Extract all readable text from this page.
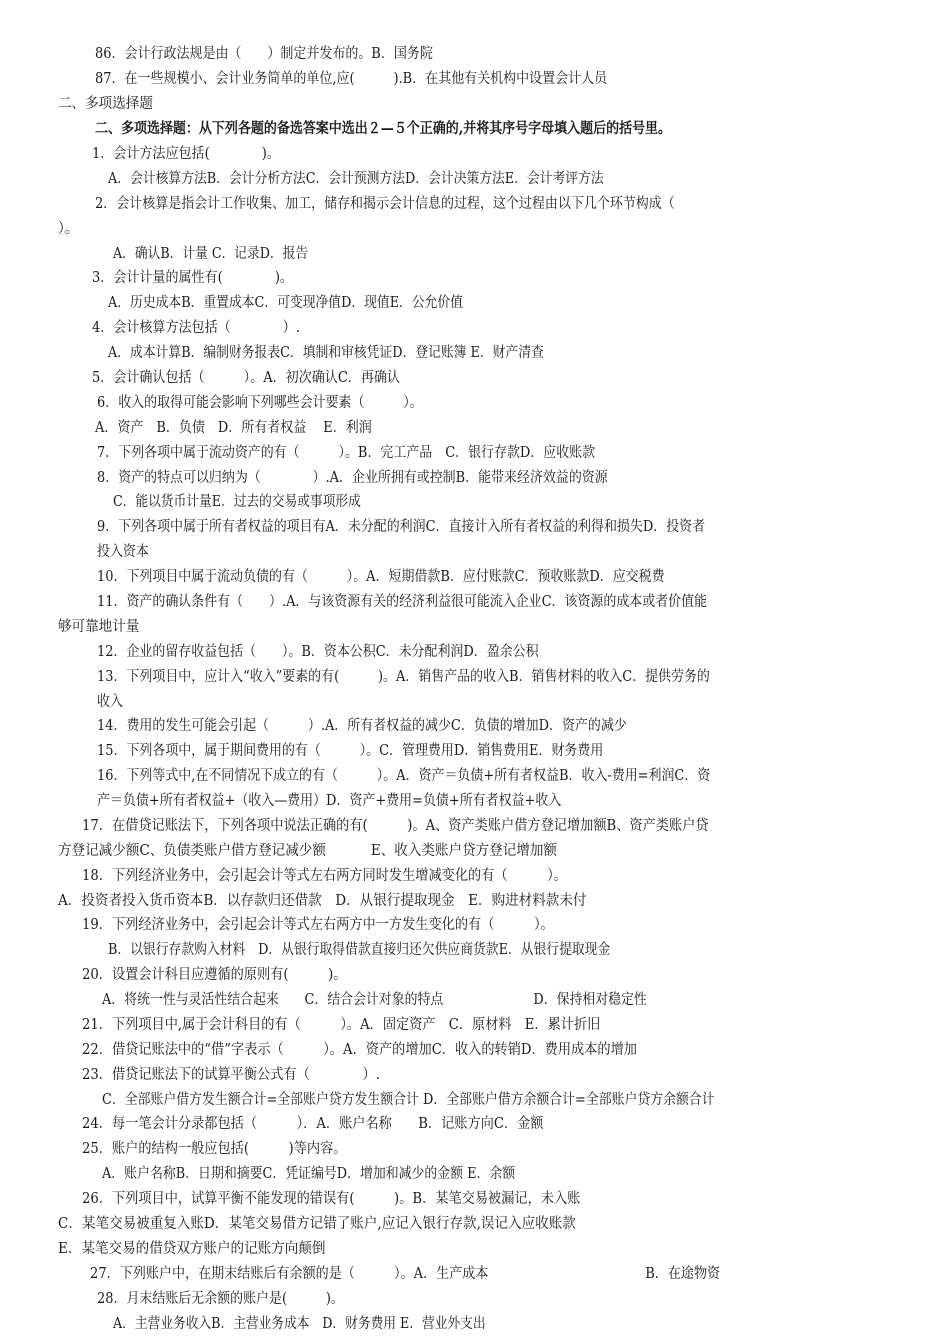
86．会计行政法规是由（　　）制定并发布的。B．国务院
87．在一些规模小、会计业务简单的单位,应(　　　).B．在其他有关机构中设置会计人员
二、多项选择题
二、多项选择题：从下列各题的备选答案中选出２—５个正确的,并将其序号字母填入题后的括号里。
1．会计方法应包括(　　　　)。
A．会计核算方法B．会计分析方法C．会计预测方法D．会计决策方法E．会计考评方法
2．会计核算是指会计工作收集、加工，储存和揭示会计信息的过程，这个过程由以下几个环节构成（
）。
A．确认B．计量 C．记录D．报告
3．会计计量的属性有(　　　　)。
A．历史成本B．重置成本C．可变现净值D．现值E．公允价值
4．会计核算方法包括（　　　　）.
A．成本计算B．编制财务报表C．填制和审核凭证D．登记账簿 E．财产清查
5．会计确认包括（　　　）。A．初次确认C．再确认
6．收入的取得可能会影响下列哪些会计要素（　　　）。
A．资产　B．负债　D．所有者权益　 E．利润
7．下列各项中属于流动资产的有（　　　）。B．完工产品　C．银行存款D．应收账款
8．资产的特点可以归纳为（　　　　）.A．企业所拥有或控制B．能带来经济效益的资源
C．能以货币计量E．过去的交易或事项形成
9．下列各项中属于所有者权益的项目有A．未分配的利润C．直接计入所有者权益的利得和损失D．投资者
投入资本
10．下列项目中属于流动负债的有（　　　）。A．短期借款B．应付账款C．预收账款D．应交税费
11．资产的确认条件有（　　）.A．与该资源有关的经济利益很可能流入企业C．该资源的成本或者价值能
够可靠地计量
12．企业的留存收益包括（　　）。B．资本公积C．未分配利润D．盈余公积
13．下列项目中，应计入“收入”要素的有(　　　)。A．销售产品的收入B．销售材料的收入C．提供劳务的
收入
14．费用的发生可能会引起（　　　）.A．所有者权益的减少C．负债的增加D．资产的减少
15．下列各项中，属于期间费用的有（　　　）。C．管理费用D．销售费用E．财务费用
16．下列等式中,在不同情况下成立的有（　　　）。A．资产＝负债+所有者权益B．收入-费用=利润C．资
产＝负债+所有者权益+（收入—费用）D．资产+费用=负债+所有者权益+收入
17．在借贷记账法下，下列各项中说法正确的有(　　　)。A、资产类账户借方登记增加额B、资产类账户贷
方登记减少额C、负债类账户借方登记减少额　　　 E、收入类账户贷方登记增加额
18．下列经济业务中，会引起会计等式左右两方同时发生增减变化的有（　　　）。
A．投资者投入货币资本B．以存款归还借款　D．从银行提取现金　E．购进材料款未付
19．下列经济业务中，会引起会计等式左右两方中一方发生变化的有（　　　）。
B．以银行存款购入材料　D．从银行取得借款直接归还欠供应商货款E．从银行提取现金
20．设置会计科目应遵循的原则有(　　　)。
A．将统一性与灵活性结合起来　　C．结合会计对象的特点　　　　　　　D．保持相对稳定性
21．下列项目中,属于会计科目的有（　　　）。A．固定资产　C．原材料　E．累计折旧
22．借贷记账法中的“借”字表示（　　　）。A．资产的增加C．收入的转销D．费用成本的增加
23．借贷记账法下的试算平衡公式有（　　　　）.
C．全部账户借方发生额合计=全部账户贷方发生额合计 D．全部账户借方余额合计=全部账户贷方余额合计
24．每一笔会计分录都包括（　　　）．A．账户名称　　B．记账方向C．金额
25．账户的结构一般应包括(　　　)等内容。
A．账户名称B．日期和摘要C．凭证编号D．增加和减少的金额 E．余额
26．下列项目中，试算平衡不能发现的错误有(　　　)。B．某笔交易被漏记，未入账
C．某笔交易被重复入账D．某笔交易借方记错了账户,应记入银行存款,误记入应收账款
E．某笔交易的借贷双方账户的记账方向颠倒
27．下列账户中，在期末结账后有余额的是（　　　）。A．生产成本　　　　　　　　　　　　B．在途物资
28．月末结账后无余额的账户是(　　　)。
A．主营业务收入B．主营业务成本　D．财务费用 E．营业外支出
